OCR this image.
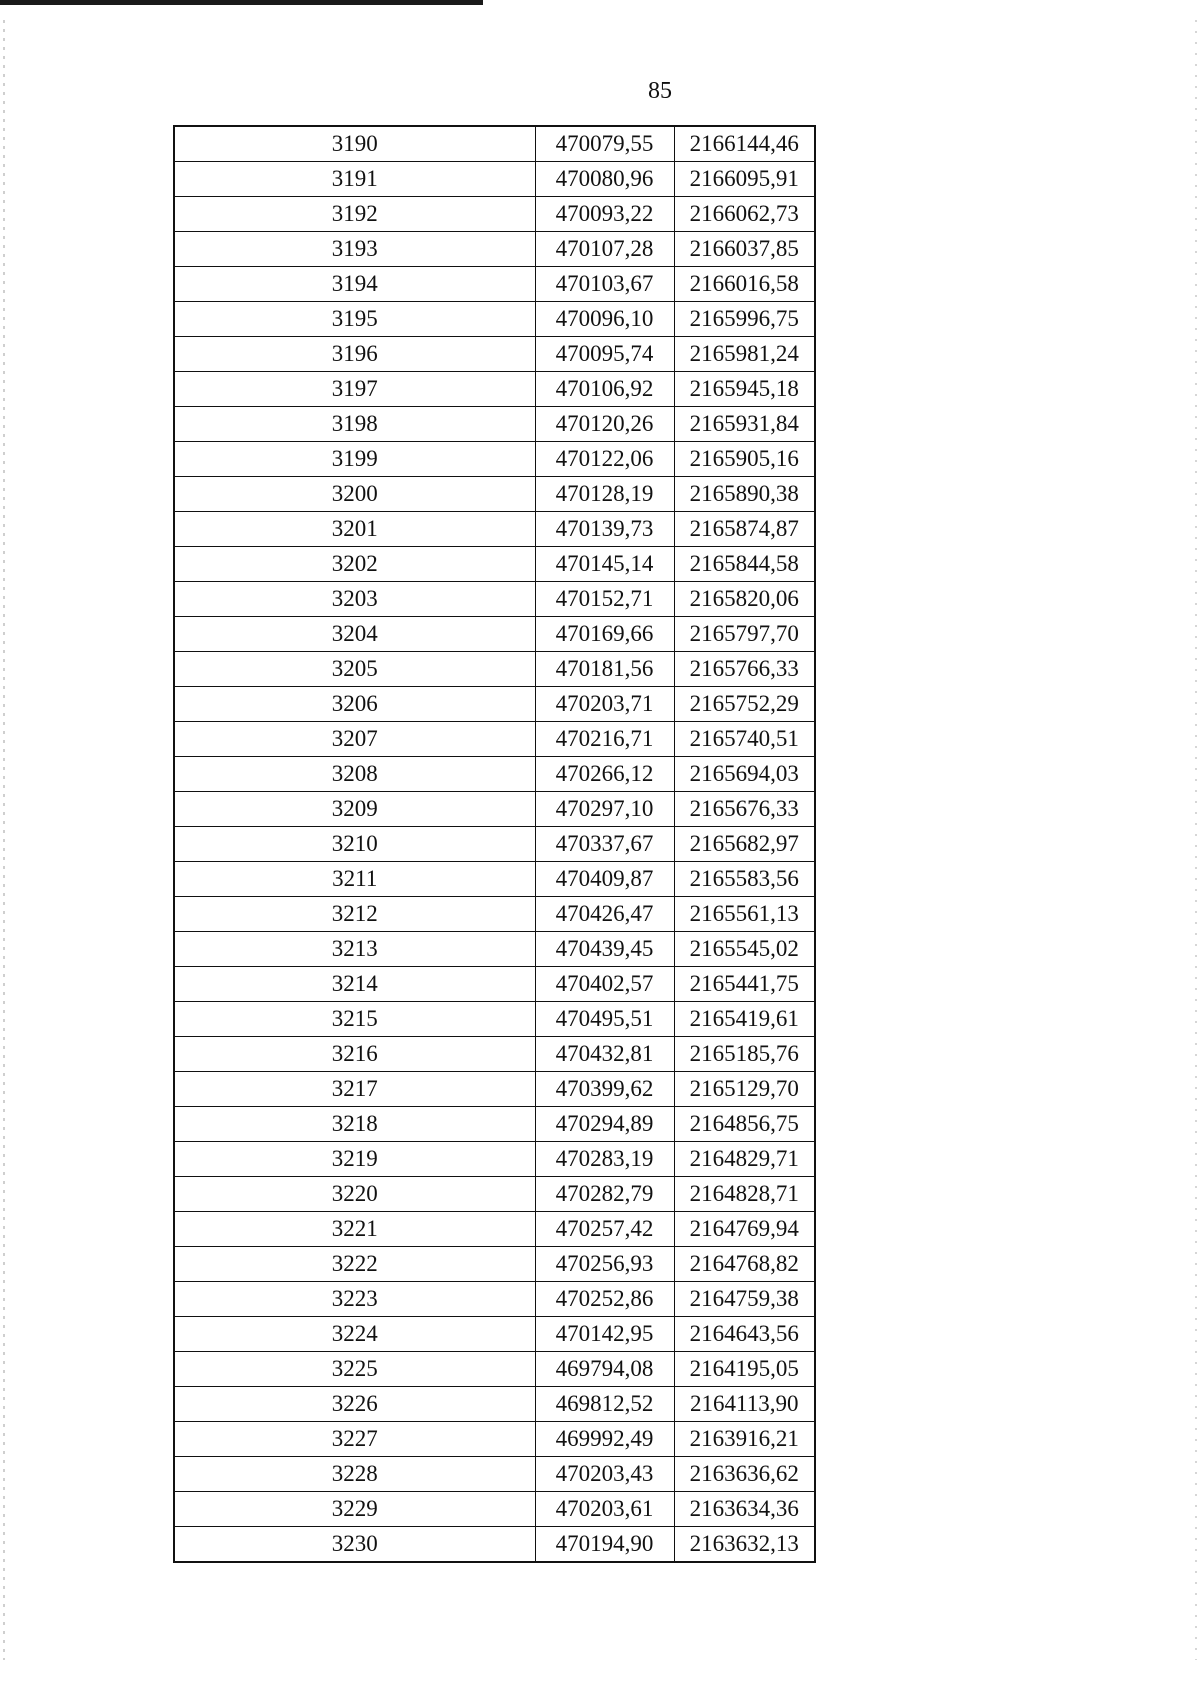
85
3190	470079,55	2166144,46
3191	470080,96	2166095,91
3192	470093,22	2166062,73
3193	470107,28	2166037,85
3194	470103,67	2166016,58
3195	470096,10	2165996,75
3196	470095,74	2165981,24
3197	470106,92	2165945,18
3198	470120,26	2165931,84
3199	470122,06	2165905,16
3200	470128,19	2165890,38
3201	470139,73	2165874,87
3202	470145,14	2165844,58
3203	470152,71	2165820,06
3204	470169,66	2165797,70
3205	470181,56	2165766,33
3206	470203,71	2165752,29
3207	470216,71	2165740,51
3208	470266,12	2165694,03
3209	470297,10	2165676,33
3210	470337,67	2165682,97
3211	470409,87	2165583,56
3212	470426,47	2165561,13
3213	470439,45	2165545,02
3214	470402,57	2165441,75
3215	470495,51	2165419,61
3216	470432,81	2165185,76
3217	470399,62	2165129,70
3218	470294,89	2164856,75
3219	470283,19	2164829,71
3220	470282,79	2164828,71
3221	470257,42	2164769,94
3222	470256,93	2164768,82
3223	470252,86	2164759,38
3224	470142,95	2164643,56
3225	469794,08	2164195,05
3226	469812,52	2164113,90
3227	469992,49	2163916,21
3228	470203,43	2163636,62
3229	470203,61	2163634,36
3230	470194,90	2163632,13
